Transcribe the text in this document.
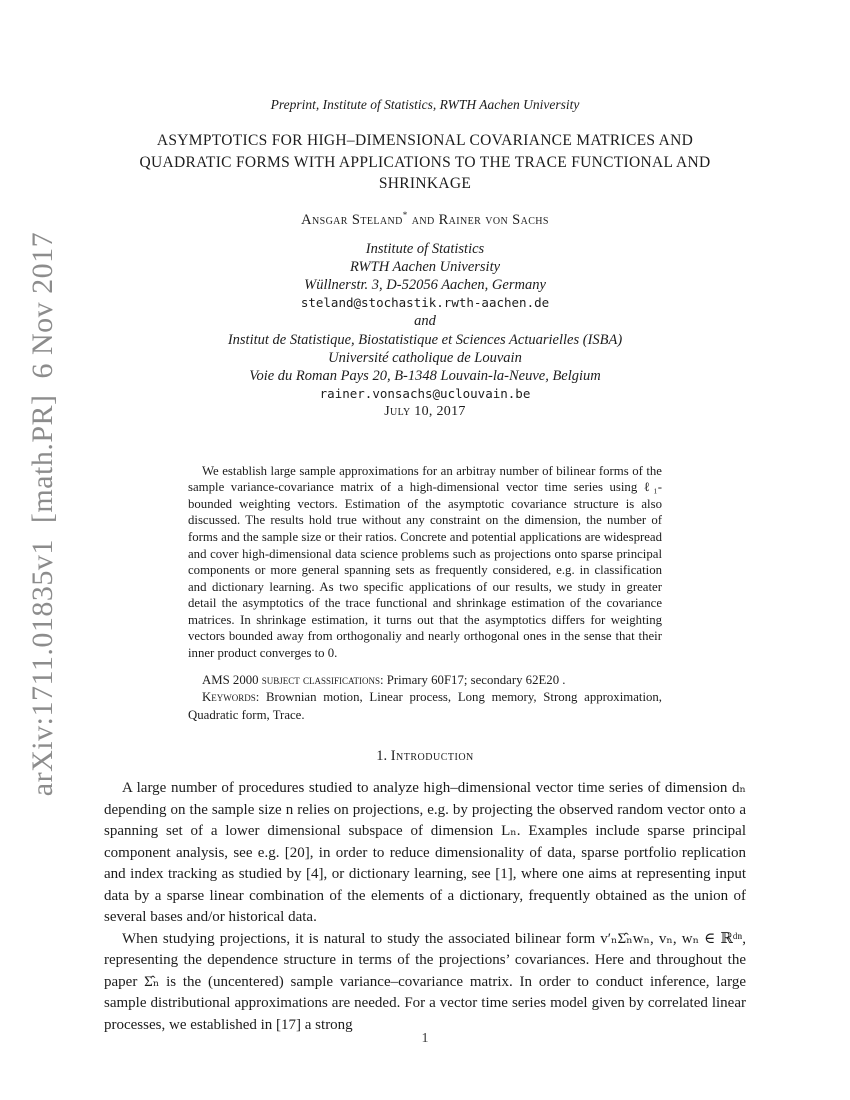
arXiv:1711.01835v1  [math.PR]  6 Nov 2017
Preprint, Institute of Statistics, RWTH Aachen University
ASYMPTOTICS FOR HIGH–DIMENSIONAL COVARIANCE MATRICES AND
QUADRATIC FORMS WITH APPLICATIONS TO THE TRACE FUNCTIONAL AND
SHRINKAGE
Ansgar Steland* and Rainer von Sachs
Institute of Statistics
RWTH Aachen University
Wüllnerstr. 3, D-52056 Aachen, Germany
steland@stochastik.rwth-aachen.de
and
Institut de Statistique, Biostatistique et Sciences Actuarielles (ISBA)
Université catholique de Louvain
Voie du Roman Pays 20, B-1348 Louvain-la-Neuve, Belgium
rainer.vonsachs@uclouvain.be
July 10, 2017

We establish large sample approximations for an arbitray number of bilinear forms of the sample variance-covariance matrix of a high-dimensional vector time series using ℓ₁-bounded weighting vectors. Estimation of the asymptotic covariance structure is also discussed. The results hold true without any constraint on the dimension, the number of forms and the sample size or their ratios. Concrete and potential applications are widespread and cover high-dimensional data science problems such as projections onto sparse principal components or more general spanning sets as frequently considered, e.g. in classification and dictionary learning. As two specific applications of our results, we study in greater detail the asymptotics of the trace functional and shrinkage estimation of the covariance matrices. In shrinkage estimation, it turns out that the asymptotics differs for weighting vectors bounded away from orthogonaliy and nearly orthogonal ones in the sense that their inner product converges to 0.

AMS 2000 subject classifications: Primary 60F17; secondary 62E20 .

Keywords: Brownian motion, Linear process, Long memory, Strong approximation, Quadratic form, Trace.

1. Introduction

A large number of procedures studied to analyze high–dimensional vector time series of dimension dₙ depending on the sample size n relies on projections, e.g. by projecting the observed random vector onto a spanning set of a lower dimensional subspace of dimension Lₙ. Examples include sparse principal component analysis, see e.g. [20], in order to reduce dimensionality of data, sparse portfolio replication and index tracking as studied by [4], or dictionary learning, see [1], where one aims at representing input data by a sparse linear combination of the elements of a dictionary, frequently obtained as the union of several bases and/or historical data.

When studying projections, it is natural to study the associated bilinear form v′ₙΣ̂ₙwₙ, vₙ, wₙ ∈ ℝᵈⁿ, representing the dependence structure in terms of the projections’ covariances. Here and throughout the paper Σ̂ₙ is the (uncentered) sample variance–covariance matrix. In order to conduct inference, large sample distributional approximations are needed. For a vector time series model given by correlated linear processes, we established in [17] a strong

1
